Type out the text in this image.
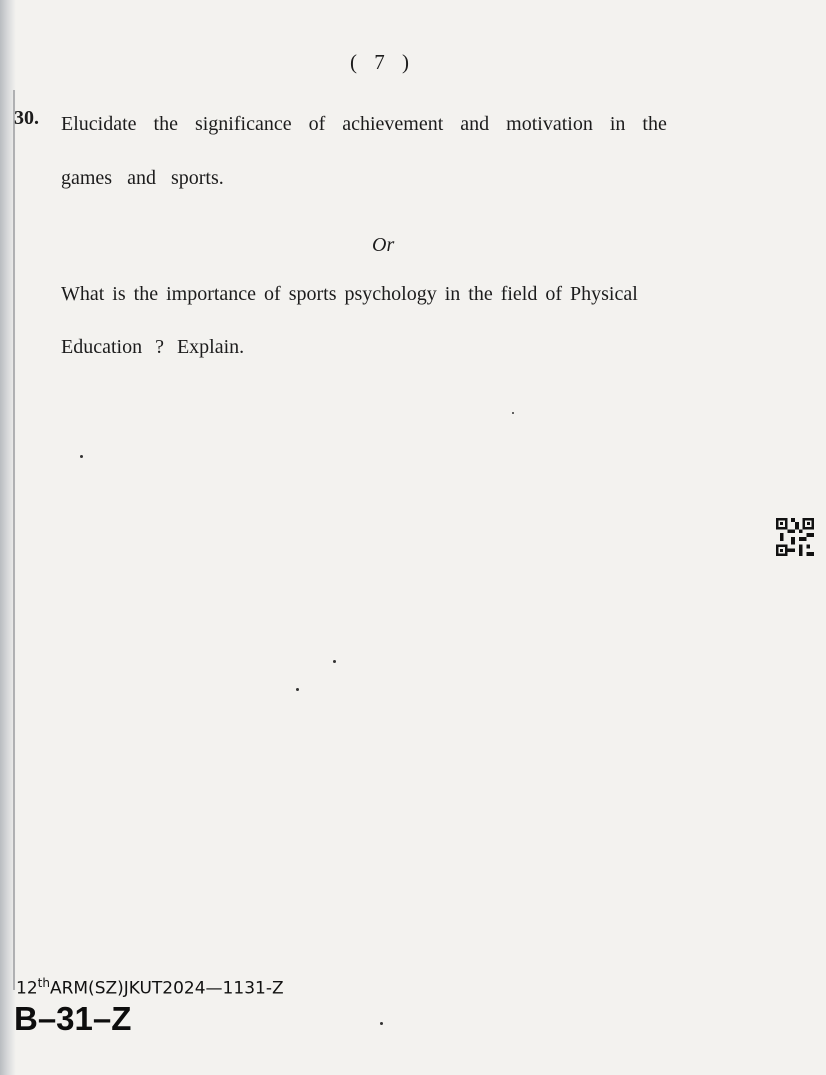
( 7 )
30. Elucidate the significance of achievement and motivation in the
games and sports.
Or
What is the importance of sports psychology in the field of Physical
Education ? Explain.
12thARM(SZ)JKUT2024—1131-Z
B–31–Z
